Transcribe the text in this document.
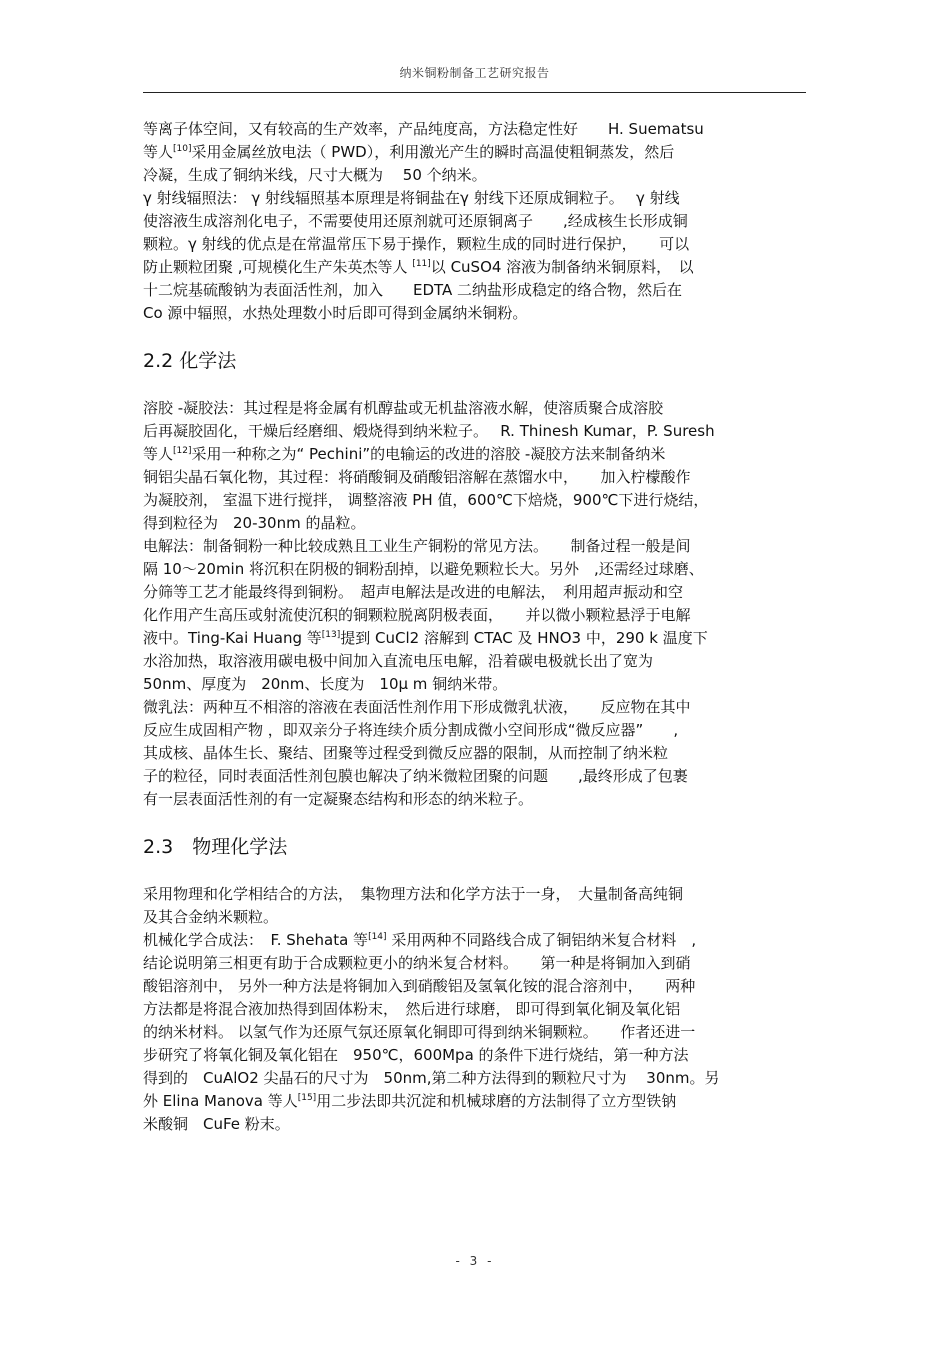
纳米铜粉制备工艺研究报告
等离子体空间，又有较高的生产效率，产品纯度高，方法稳定性好　　H. Suematsu
等人[10]采用金属丝放电法（ PWD），利用激光产生的瞬时高温使粗铜蒸发，然后
冷凝，生成了铜纳米线，尺寸大概为　 50 个纳米。
γ 射线辐照法： γ 射线辐照基本原理是将铜盐在γ 射线下还原成铜粒子。　 γ 射线
使溶液生成溶剂化电子，不需要使用还原剂就可还原铜离子　　,经成核生长形成铜
颗粒。γ 射线的优点是在常温常压下易于操作，颗粒生成的同时进行保护，　　可以
防止颗粒团聚 ,可规模化生产朱英杰等人 [11]以 CuSO4 溶液为制备纳米铜原料，　以
十二烷基硫酸钠为表面活性剂，加入　　EDTA 二纳盐形成稳定的络合物，然后在
Co 源中辐照，水热处理数小时后即可得到金属纳米铜粉。
2.2 化学法
溶胶 -凝胶法：其过程是将金属有机醇盐或无机盐溶液水解，使溶质聚合成溶胶
后再凝胶固化，干燥后经磨细、煅烧得到纳米粒子。　 R. Thinesh Kumar，P. Suresh
等人[12]采用一种称之为“ Pechini”的电输运的改进的溶胶 -凝胶方法来制备纳米
铜铝尖晶石氧化物，其过程：将硝酸铜及硝酸铝溶解在蒸馏水中，　　加入柠檬酸作
为凝胶剂， 室温下进行搅拌， 调整溶液 PH 值，600℃下焙烧，900℃下进行烧结，
得到粒径为　20-30nm 的晶粒。
电解法：制备铜粉一种比较成熟且工业生产铜粉的常见方法。　　制备过程一般是间
隔 10～20min 将沉积在阴极的铜粉刮掉，以避免颗粒长大。另外　,还需经过球磨、
分筛等工艺才能最终得到铜粉。　超声电解法是改进的电解法，　利用超声振动和空
化作用产生高压或射流使沉积的铜颗粒脱离阴极表面，　　并以微小颗粒悬浮于电解
液中。Ting-Kai Huang 等[13]提到 CuCl2 溶解到 CTAC 及 HNO3 中，290 k 温度下
水浴加热，取溶液用碳电极中间加入直流电压电解，沿着碳电极就长出了宽为
50nm、厚度为　20nm、长度为　10μ m 铜纳米带。
微乳法：两种互不相溶的溶液在表面活性剂作用下形成微乳状液，　　反应物在其中
反应生成固相产物 ，即双亲分子将连续介质分割成微小空间形成“微反应器”　　,
其成核、晶体生长、聚结、团聚等过程受到微反应器的限制，从而控制了纳米粒
子的粒径，同时表面活性剂包膜也解决了纳米微粒团聚的问题　　,最终形成了包裹
有一层表面活性剂的有一定凝聚态结构和形态的纳米粒子。
2.3　物理化学法
采用物理和化学相结合的方法，　集物理方法和化学方法于一身，　大量制备高纯铜
及其合金纳米颗粒。
机械化学合成法：　F. Shehata 等[14] 采用两种不同路线合成了铜铝纳米复合材料　,
结论说明第三相更有助于合成颗粒更小的纳米复合材料。　　第一种是将铜加入到硝
酸铝溶剂中， 另外一种方法是将铜加入到硝酸铝及氢氧化铵的混合溶剂中，　　两种
方法都是将混合液加热得到固体粉末，　然后进行球磨， 即可得到氧化铜及氧化铝
的纳米材料。 以氢气作为还原气氛还原氧化铜即可得到纳米铜颗粒。　　作者还进一
步研究了将氧化铜及氧化铝在　950℃，600Mpa 的条件下进行烧结，第一种方法
得到的　CuAlO2 尖晶石的尺寸为　50nm,第二种方法得到的颗粒尺寸为　 30nm。另
外 Elina Manova 等人[15]用二步法即共沉淀和机械球磨的方法制得了立方型铁钠
米酸铜　CuFe 粉末。
- 3 -
